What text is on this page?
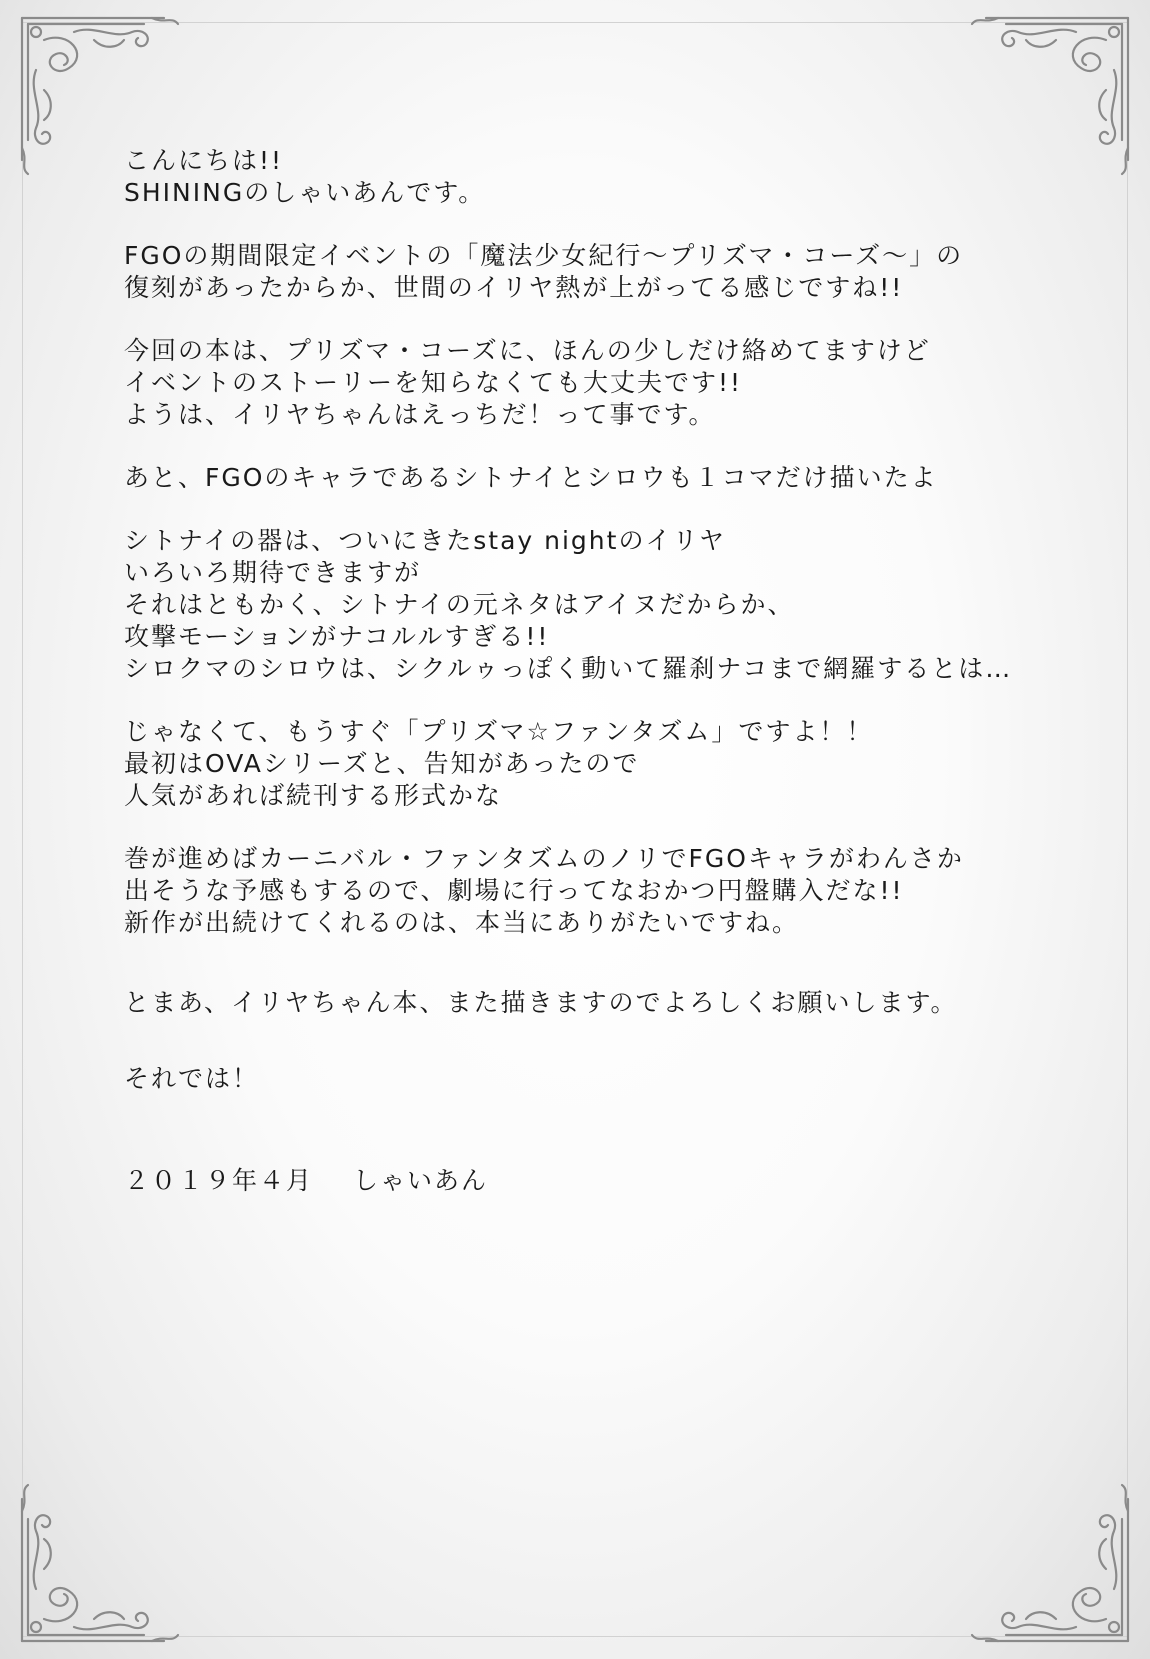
こんにちは!!
SHININGのしゃいあんです。

FGOの期間限定イベントの「魔法少女紀行〜プリズマ・コーズ〜」の
復刻があったからか、世間のイリヤ熱が上がってる感じですね!!

今回の本は、プリズマ・コーズに、ほんの少しだけ絡めてますけど
イベントのストーリーを知らなくても大丈夫です!!
ようは、イリヤちゃんはえっちだ！って事です。

あと、FGOのキャラであるシトナイとシロウも１コマだけ描いたよ

シトナイの器は、ついにきたstay nightのイリヤ
いろいろ期待できますが
それはともかく、シトナイの元ネタはアイヌだからか、
攻撃モーションがナコルルすぎる!!
シロクマのシロウは、シクルゥっぽく動いて羅刹ナコまで網羅するとは…

じゃなくて、もうすぐ「プリズマ☆ファンタズム」ですよ！！
最初はOVAシリーズと、告知があったので
人気があれば続刊する形式かな

巻が進めばカーニバル・ファンタズムのノリでFGOキャラがわんさか
出そうな予感もするので、劇場に行ってなおかつ円盤購入だな!!
新作が出続けてくれるのは、本当にありがたいですね。

とまあ、イリヤちゃん本、また描きますのでよろしくお願いします。

それでは！

２０１９年４月 しゃいあん
